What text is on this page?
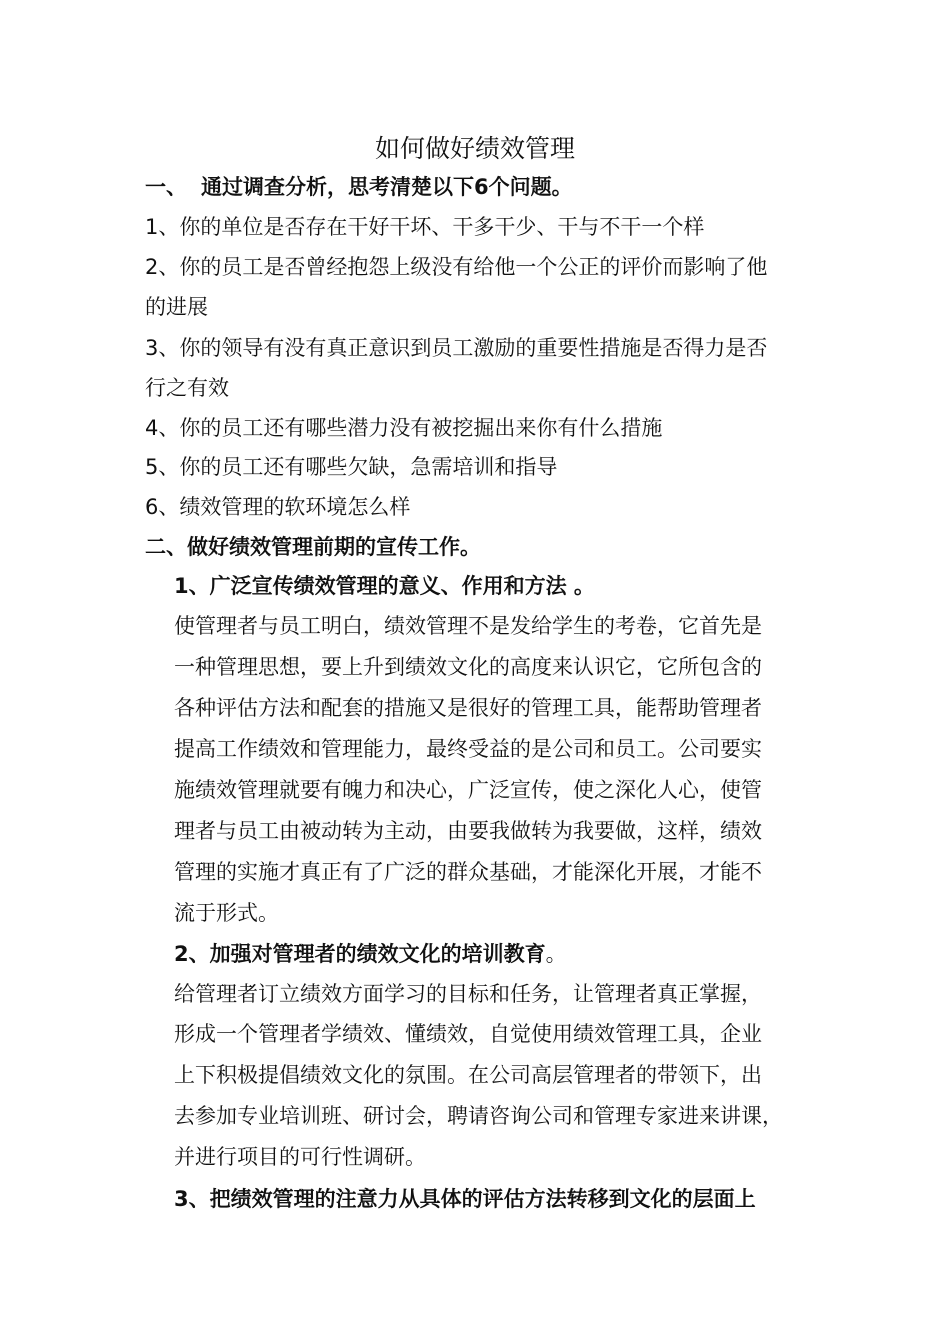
如何做好绩效管理
一、 通过调查分析，思考清楚以下6个问题。
1、你的单位是否存在干好干坏、干多干少、干与不干一个样
2、你的员工是否曾经抱怨上级没有给他一个公正的评价而影响了他
的进展
3、你的领导有没有真正意识到员工激励的重要性措施是否得力是否
行之有效
4、你的员工还有哪些潜力没有被挖掘出来你有什么措施
5、你的员工还有哪些欠缺，急需培训和指导
6、绩效管理的软环境怎么样
二、做好绩效管理前期的宣传工作。
1、广泛宣传绩效管理的意义、作用和方法 。
使管理者与员工明白，绩效管理不是发给学生的考卷，它首先是
一种管理思想，要上升到绩效文化的高度来认识它，它所包含的
各种评估方法和配套的措施又是很好的管理工具，能帮助管理者
提高工作绩效和管理能力，最终受益的是公司和员工。公司要实
施绩效管理就要有魄力和决心，广泛宣传，使之深化人心，使管
理者与员工由被动转为主动，由要我做转为我要做，这样，绩效
管理的实施才真正有了广泛的群众基础，才能深化开展，才能不
流于形式。
2、加强对管理者的绩效文化的培训教育。
给管理者订立绩效方面学习的目标和任务，让管理者真正掌握，
形成一个管理者学绩效、懂绩效，自觉使用绩效管理工具，企业
上下积极提倡绩效文化的氛围。在公司高层管理者的带领下，出
去参加专业培训班、研讨会，聘请咨询公司和管理专家进来讲课，
并进行项目的可行性调研。
3、把绩效管理的注意力从具体的评估方法转移到文化的层面上
